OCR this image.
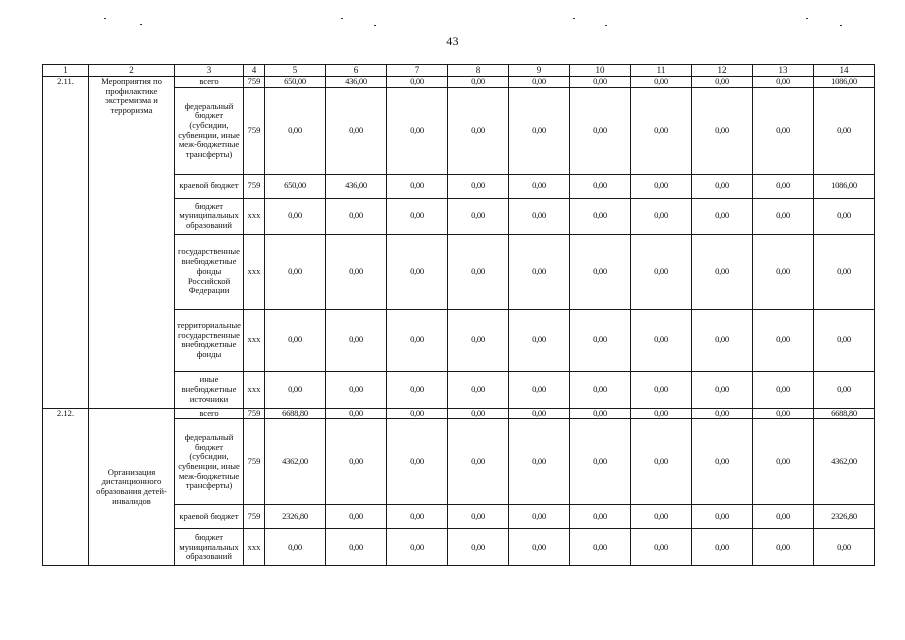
43
1	2	3	4	5	6	7	8	9	10	11	12	13	14
2.11.	Мероприятия по профилактике экстремизма и терроризма	всего	759	650,00	436,00	0,00	0,00	0,00	0,00	0,00	0,00	0,00	1086,00
		федеральный бюджет (субсидии, субвенции, иные меж-бюджетные трансферты)	759	0,00	0,00	0,00	0,00	0,00	0,00	0,00	0,00	0,00	0,00
		краевой бюджет	759	650,00	436,00	0,00	0,00	0,00	0,00	0,00	0,00	0,00	1086,00
		бюджет муниципальных образований	xxx	0,00	0,00	0,00	0,00	0,00	0,00	0,00	0,00	0,00	0,00
		государственные внебюджетные фонды Российской Федерации	xxx	0,00	0,00	0,00	0,00	0,00	0,00	0,00	0,00	0,00	0,00
		территориальные государственные внебюджетные фонды	xxx	0,00	0,00	0,00	0,00	0,00	0,00	0,00	0,00	0,00	0,00
		иные внебюджетные источники	xxx	0,00	0,00	0,00	0,00	0,00	0,00	0,00	0,00	0,00	0,00
2.12.	Организация дистанционного образования детей-инвалидов	всего	759	6688,80	0,00	0,00	0,00	0,00	0,00	0,00	0,00	0,00	6688,80
		федеральный бюджет (субсидии, субвенции, иные меж-бюджетные трансферты)	759	4362,00	0,00	0,00	0,00	0,00	0,00	0,00	0,00	0,00	4362,00
		краевой бюджет	759	2326,80	0,00	0,00	0,00	0,00	0,00	0,00	0,00	0,00	2326,80
		бюджет муниципальных образований	xxx	0,00	0,00	0,00	0,00	0,00	0,00	0,00	0,00	0,00	0,00
